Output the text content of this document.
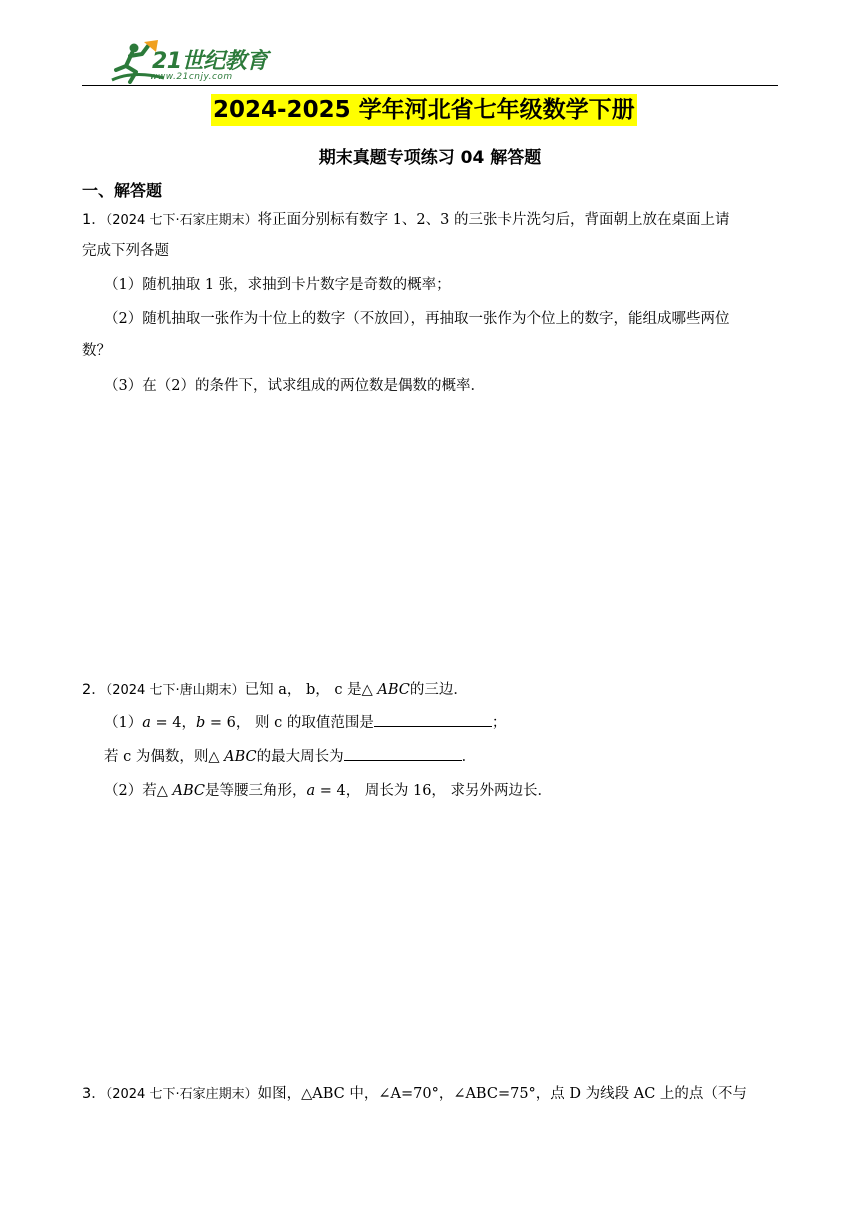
21世纪教育
www.21cnjy.com
2024-2025 学年河北省七年级数学下册
期末真题专项练习 04 解答题
一、解答题
1．（2024 七下·石家庄期末）将正面分别标有数字 1、2、3 的三张卡片洗匀后，背面朝上放在桌面上请
完成下列各题
（1）随机抽取 1 张，求抽到卡片数字是奇数的概率；
（2）随机抽取一张作为十位上的数字（不放回），再抽取一张作为个位上的数字，能组成哪些两位
数？
（3）在（2）的条件下，试求组成的两位数是偶数的概率．
2．（2024 七下·唐山期末）已知 a， b， c 是△ ABC的三边．
（1）a = 4，b = 6， 则 c 的取值范围是	；
若 c 为偶数，则△ ABC的最大周长为	．
（2）若△ ABC是等腰三角形，a = 4， 周长为 16， 求另外两边长．
3．（2024 七下·石家庄期末）如图，△ABC 中，∠A=70°，∠ABC=75°，点 D 为线段 AC 上的点（不与
